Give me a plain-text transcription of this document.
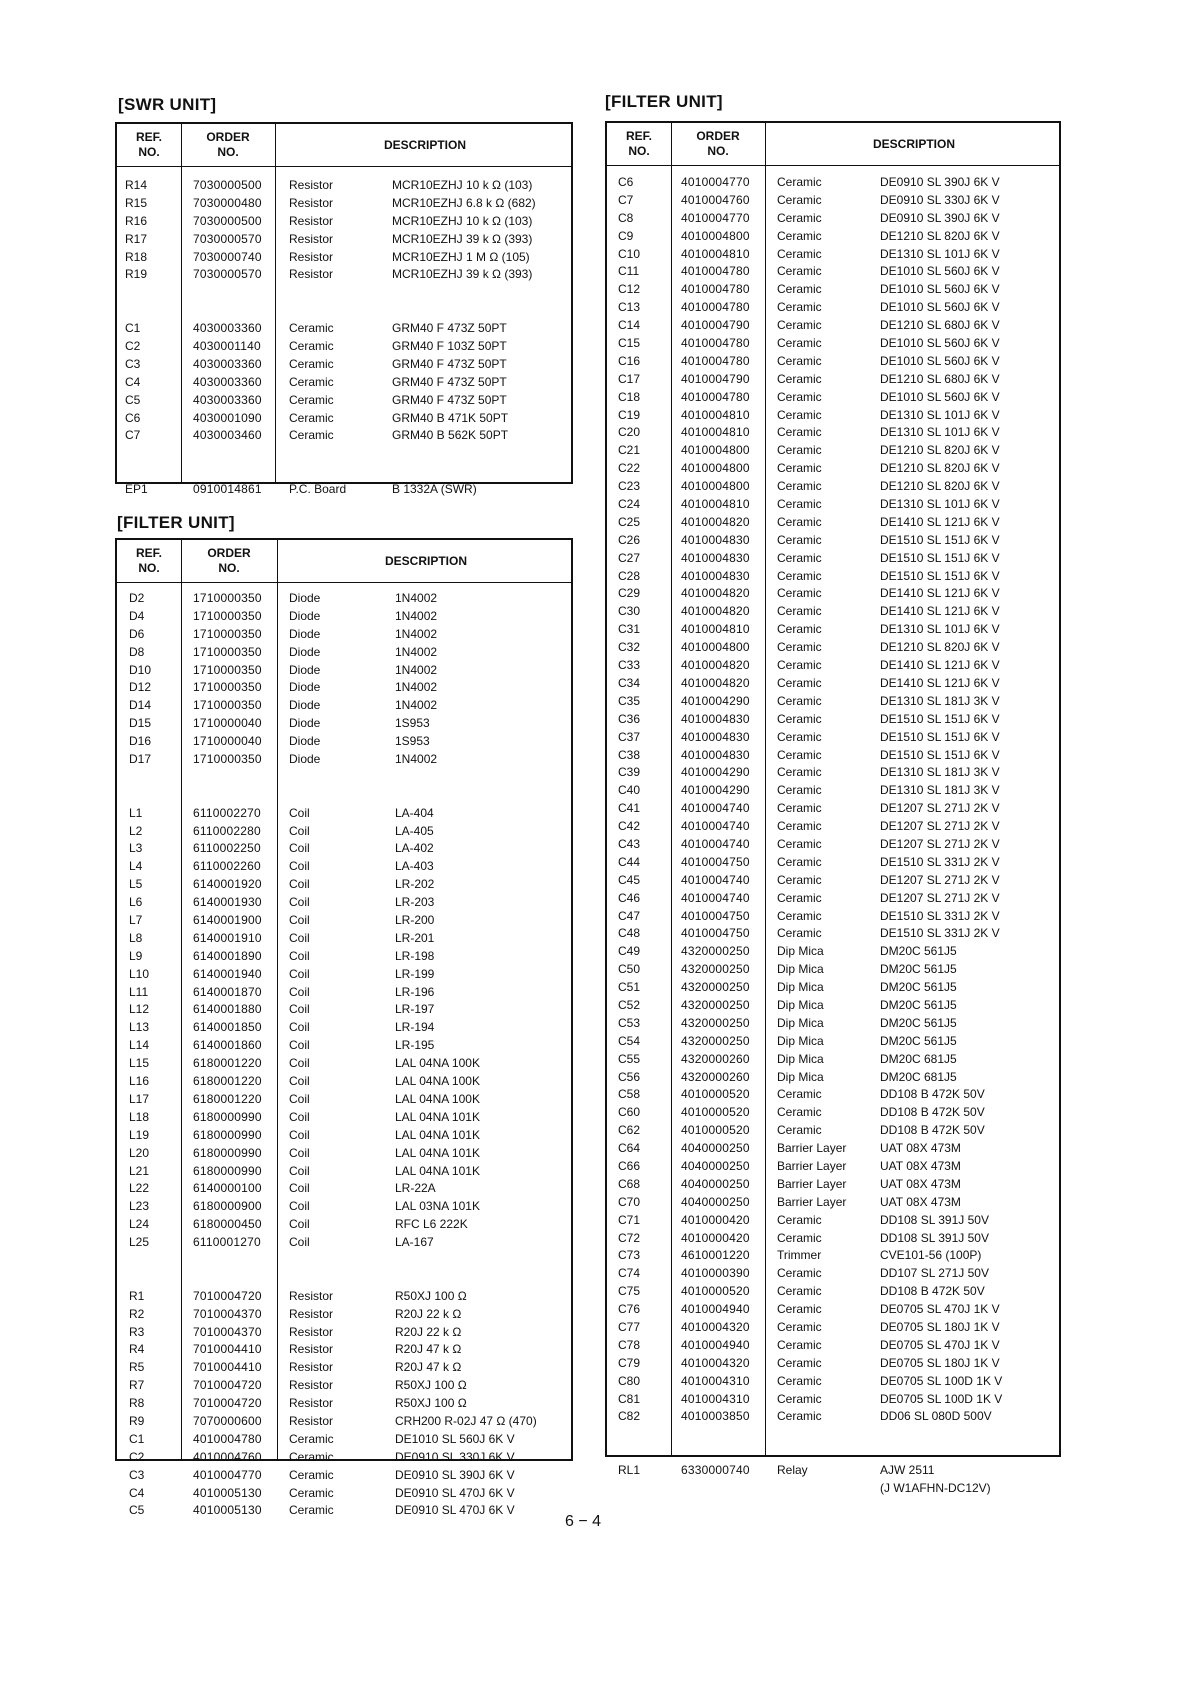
[SWR UNIT]
REF.
NO.
ORDER
NO.
DESCRIPTION
R14	7030000500 Resistor	MCR10EZHJ 10 k Ω (103)
R15	7030000480 Resistor	MCR10EZHJ 6.8 k Ω (682)
R16	7030000500 Resistor	MCR10EZHJ 10 k Ω (103)
R17	7030000570 Resistor	MCR10EZHJ 39 k Ω (393)
R18	7030000740 Resistor	MCR10EZHJ 1 M Ω (105)
R19	7030000570 Resistor	MCR10EZHJ 39 k Ω (393)
C1	4030003360 Ceramic	GRM40 F 473Z 50PT
C2	4030001140 Ceramic	GRM40 F 103Z 50PT
C3	4030003360 Ceramic	GRM40 F 473Z 50PT
C4	4030003360 Ceramic	GRM40 F 473Z 50PT
C5	4030003360 Ceramic	GRM40 F 473Z 50PT
C6	4030001090 Ceramic	GRM40 B 471K 50PT
C7	4030003460 Ceramic	GRM40 B 562K 50PT
EP1	0910014861 P.C. Board	B 1332A (SWR)
[FILTER UNIT]
REF.
NO.
ORDER
NO.
DESCRIPTION
D2	1710000350 Diode	1N4002
D4	1710000350 Diode	1N4002
D6	1710000350 Diode	1N4002
D8	1710000350 Diode	1N4002
D10	1710000350 Diode	1N4002
D12	1710000350 Diode	1N4002
D14	1710000350 Diode	1N4002
D15	1710000040 Diode	1S953
D16	1710000040 Diode	1S953
D17	1710000350 Diode	1N4002
L1	6110002270 Coil	LA-404
L2	6110002280 Coil	LA-405
L3	6110002250 Coil	LA-402
L4	6110002260 Coil	LA-403
L5	6140001920 Coil	LR-202
L6	6140001930 Coil	LR-203
L7	6140001900 Coil	LR-200
L8	6140001910 Coil	LR-201
L9	6140001890 Coil	LR-198
L10	6140001940 Coil	LR-199
L11	6140001870 Coil	LR-196
L12	6140001880 Coil	LR-197
L13	6140001850 Coil	LR-194
L14	6140001860 Coil	LR-195
L15	6180001220 Coil	LAL 04NA 100K
L16	6180001220 Coil	LAL 04NA 100K
L17	6180001220 Coil	LAL 04NA 100K
L18	6180000990 Coil	LAL 04NA 101K
L19	6180000990 Coil	LAL 04NA 101K
L20	6180000990 Coil	LAL 04NA 101K
L21	6180000990 Coil	LAL 04NA 101K
L22	6140000100 Coil	LR-22A
L23	6180000900 Coil	LAL 03NA 101K
L24	6180000450 Coil	RFC L6 222K
L25	6110001270 Coil	LA-167
R1	7010004720 Resistor	R50XJ 100 Ω
R2	7010004370 Resistor	R20J 22 k Ω
R3	7010004370 Resistor	R20J 22 k Ω
R4	7010004410 Resistor	R20J 47 k Ω
R5	7010004410 Resistor	R20J 47 k Ω
R7	7010004720 Resistor	R50XJ 100 Ω
R8	7010004720 Resistor	R50XJ 100 Ω
R9	7070000600 Resistor	CRH200 R-02J 47 Ω (470)
C1	4010004780 Ceramic	DE1010 SL 560J 6K V
C2	4010004760 Ceramic	DE0910 SL 330J 6K V
C3	4010004770 Ceramic	DE0910 SL 390J 6K V
C4	4010005130 Ceramic	DE0910 SL 470J 6K V
C5	4010005130 Ceramic	DE0910 SL 470J 6K V
[FILTER UNIT]
REF.
NO.
ORDER
NO.
DESCRIPTION
C6	4010004770 Ceramic	DE0910 SL 390J 6K V
C7	4010004760 Ceramic	DE0910 SL 330J 6K V
C8	4010004770 Ceramic	DE0910 SL 390J 6K V
C9	4010004800 Ceramic	DE1210 SL 820J 6K V
C10	4010004810 Ceramic	DE1310 SL 101J 6K V
C11	4010004780 Ceramic	DE1010 SL 560J 6K V
C12	4010004780 Ceramic	DE1010 SL 560J 6K V
C13	4010004780 Ceramic	DE1010 SL 560J 6K V
C14	4010004790 Ceramic	DE1210 SL 680J 6K V
C15	4010004780 Ceramic	DE1010 SL 560J 6K V
C16	4010004780 Ceramic	DE1010 SL 560J 6K V
C17	4010004790 Ceramic	DE1210 SL 680J 6K V
C18	4010004780 Ceramic	DE1010 SL 560J 6K V
C19	4010004810 Ceramic	DE1310 SL 101J 6K V
C20	4010004810 Ceramic	DE1310 SL 101J 6K V
C21	4010004800 Ceramic	DE1210 SL 820J 6K V
C22	4010004800 Ceramic	DE1210 SL 820J 6K V
C23	4010004800 Ceramic	DE1210 SL 820J 6K V
C24	4010004810 Ceramic	DE1310 SL 101J 6K V
C25	4010004820 Ceramic	DE1410 SL 121J 6K V
C26	4010004830 Ceramic	DE1510 SL 151J 6K V
C27	4010004830 Ceramic	DE1510 SL 151J 6K V
C28	4010004830 Ceramic	DE1510 SL 151J 6K V
C29	4010004820 Ceramic	DE1410 SL 121J 6K V
C30	4010004820 Ceramic	DE1410 SL 121J 6K V
C31	4010004810 Ceramic	DE1310 SL 101J 6K V
C32	4010004800 Ceramic	DE1210 SL 820J 6K V
C33	4010004820 Ceramic	DE1410 SL 121J 6K V
C34	4010004820 Ceramic	DE1410 SL 121J 6K V
C35	4010004290 Ceramic	DE1310 SL 181J 3K V
C36	4010004830 Ceramic	DE1510 SL 151J 6K V
C37	4010004830 Ceramic	DE1510 SL 151J 6K V
C38	4010004830 Ceramic	DE1510 SL 151J 6K V
C39	4010004290 Ceramic	DE1310 SL 181J 3K V
C40	4010004290 Ceramic	DE1310 SL 181J 3K V
C41	4010004740 Ceramic	DE1207 SL 271J 2K V
C42	4010004740 Ceramic	DE1207 SL 271J 2K V
C43	4010004740 Ceramic	DE1207 SL 271J 2K V
C44	4010004750 Ceramic	DE1510 SL 331J 2K V
C45	4010004740 Ceramic	DE1207 SL 271J 2K V
C46	4010004740 Ceramic	DE1207 SL 271J 2K V
C47	4010004750 Ceramic	DE1510 SL 331J 2K V
C48	4010004750 Ceramic	DE1510 SL 331J 2K V
C49	4320000250 Dip Mica	DM20C 561J5
C50	4320000250 Dip Mica	DM20C 561J5
C51	4320000250 Dip Mica	DM20C 561J5
C52	4320000250 Dip Mica	DM20C 561J5
C53	4320000250 Dip Mica	DM20C 561J5
C54	4320000250 Dip Mica	DM20C 561J5
C55	4320000260 Dip Mica	DM20C 681J5
C56	4320000260 Dip Mica	DM20C 681J5
C58	4010000520 Ceramic	DD108 B 472K 50V
C60	4010000520 Ceramic	DD108 B 472K 50V
C62	4010000520 Ceramic	DD108 B 472K 50V
C64	4040000250 Barrier Layer	UAT 08X 473M
C66	4040000250 Barrier Layer	UAT 08X 473M
C68	4040000250 Barrier Layer	UAT 08X 473M
C70	4040000250 Barrier Layer	UAT 08X 473M
C71	4010000420 Ceramic	DD108 SL 391J 50V
C72	4010000420 Ceramic	DD108 SL 391J 50V
C73	4610001220 Trimmer	CVE101-56 (100P)
C74	4010000390 Ceramic	DD107 SL 271J 50V
C75	4010000520 Ceramic	DD108 B 472K 50V
C76	4010004940 Ceramic	DE0705 SL 470J 1K V
C77	4010004320 Ceramic	DE0705 SL 180J 1K V
C78	4010004940 Ceramic	DE0705 SL 470J 1K V
C79	4010004320 Ceramic	DE0705 SL 180J 1K V
C80	4010004310 Ceramic	DE0705 SL 100D 1K V
C81	4010004310 Ceramic	DE0705 SL 100D 1K V
C82	4010003850 Ceramic	DD06 SL 080D 500V
RL1	6330000740 Relay	AJW 2511
(J W1AFHN-DC12V)
6 − 4
